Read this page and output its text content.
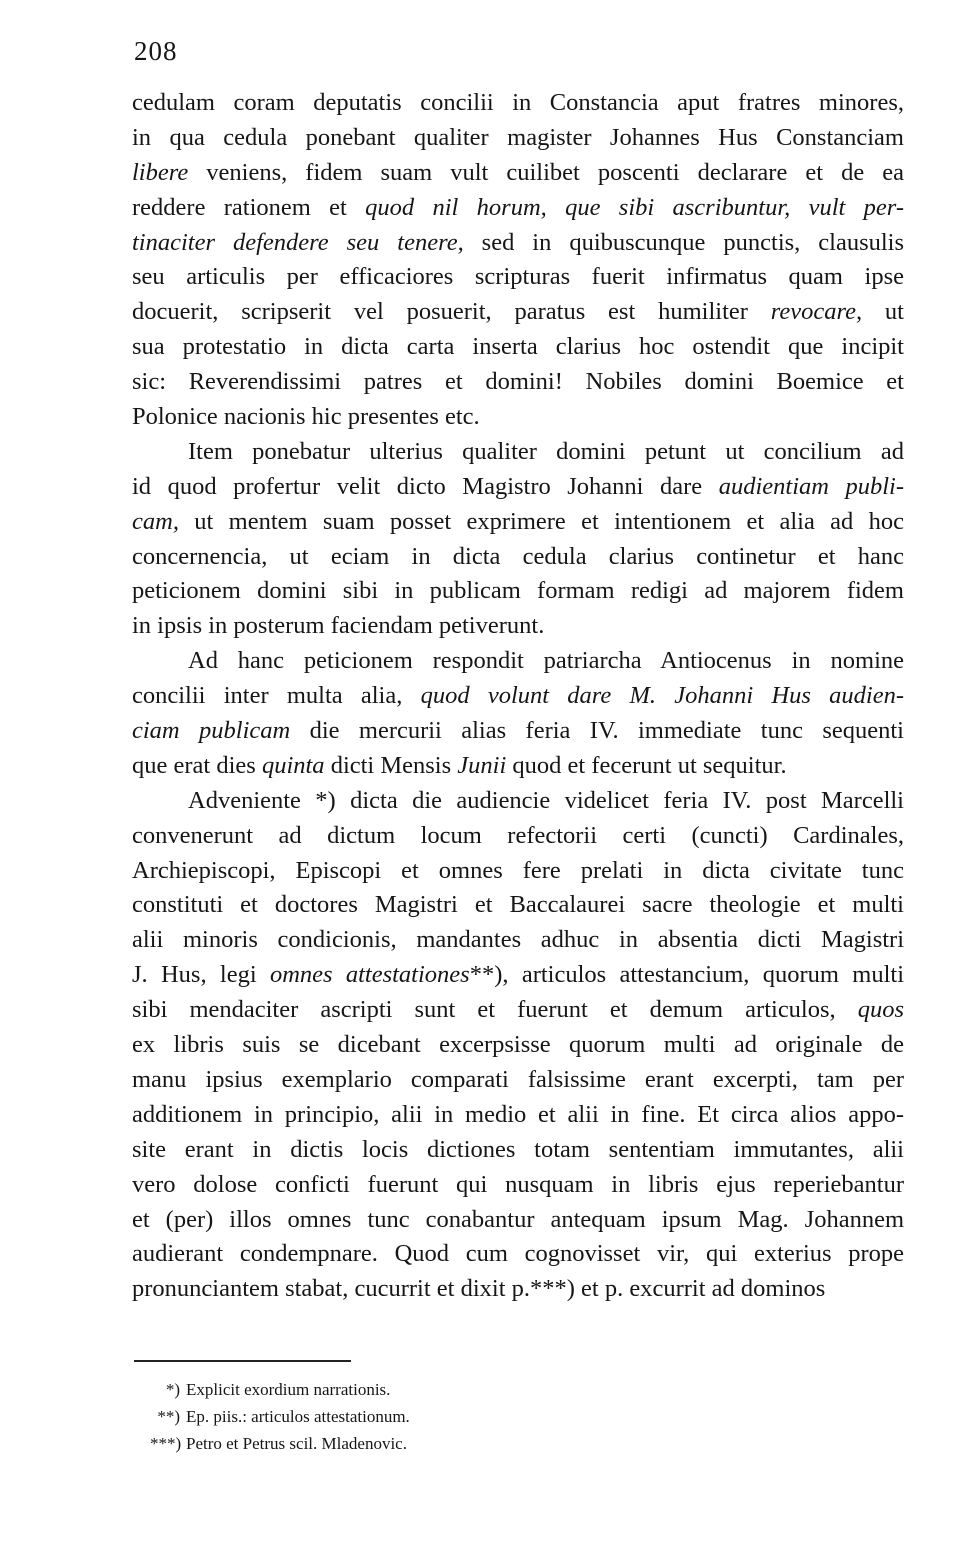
208
cedulam coram deputatis concilii in Constancia aput fratres minores,
in qua cedula ponebant qualiter magister Johannes Hus Constanciam
libere veniens, fidem suam vult cuilibet poscenti declarare et de ea
reddere rationem et quod nil horum, que sibi ascribuntur, vult per-
tinaciter defendere seu tenere, sed in quibuscunque punctis, clausulis
seu articulis per efficaciores scripturas fuerit infirmatus quam ipse
docuerit, scripserit vel posuerit, paratus est humiliter revocare, ut
sua protestatio in dicta carta inserta clarius hoc ostendit que incipit
sic: Reverendissimi patres et domini! Nobiles domini Boemice et
Polonice nacionis hic presentes etc.
Item ponebatur ulterius qualiter domini petunt ut concilium ad
id quod profertur velit dicto Magistro Johanni dare audientiam publi-
cam, ut mentem suam posset exprimere et intentionem et alia ad hoc
concernencia, ut eciam in dicta cedula clarius continetur et hanc
peticionem domini sibi in publicam formam redigi ad majorem fidem
in ipsis in posterum faciendam petiverunt.
Ad hanc peticionem respondit patriarcha Antiocenus in nomine
concilii inter multa alia, quod volunt dare M. Johanni Hus audien-
ciam publicam die mercurii alias feria IV. immediate tunc sequenti
que erat dies quinta dicti Mensis Junii quod et fecerunt ut sequitur.
Adveniente *) dicta die audiencie videlicet feria IV. post Marcelli
convenerunt ad dictum locum refectorii certi (cuncti) Cardinales,
Archiepiscopi, Episcopi et omnes fere prelati in dicta civitate tunc
constituti et doctores Magistri et Baccalaurei sacre theologie et multi
alii minoris condicionis, mandantes adhuc in absentia dicti Magistri
J. Hus, legi omnes attestationes**), articulos attestancium, quorum multi
sibi mendaciter ascripti sunt et fuerunt et demum articulos, quos
ex libris suis se dicebant excerpsisse quorum multi ad originale de
manu ipsius exemplario comparati falsissime erant excerpti, tam per
additionem in principio, alii in medio et alii in fine. Et circa alios appo-
site erant in dictis locis dictiones totam sententiam immutantes, alii
vero dolose conficti fuerunt qui nusquam in libris ejus reperiebantur
et (per) illos omnes tunc conabantur antequam ipsum Mag. Johannem
audierant condempnare. Quod cum cognovisset vir, qui exterius prope
pronunciantem stabat, cucurrit et dixit p.***) et p. excurrit ad dominos
*) Explicit exordium narrationis.
**) Ep. piis.: articulos attestationum.
***) Petro et Petrus scil. Mladenovic.
